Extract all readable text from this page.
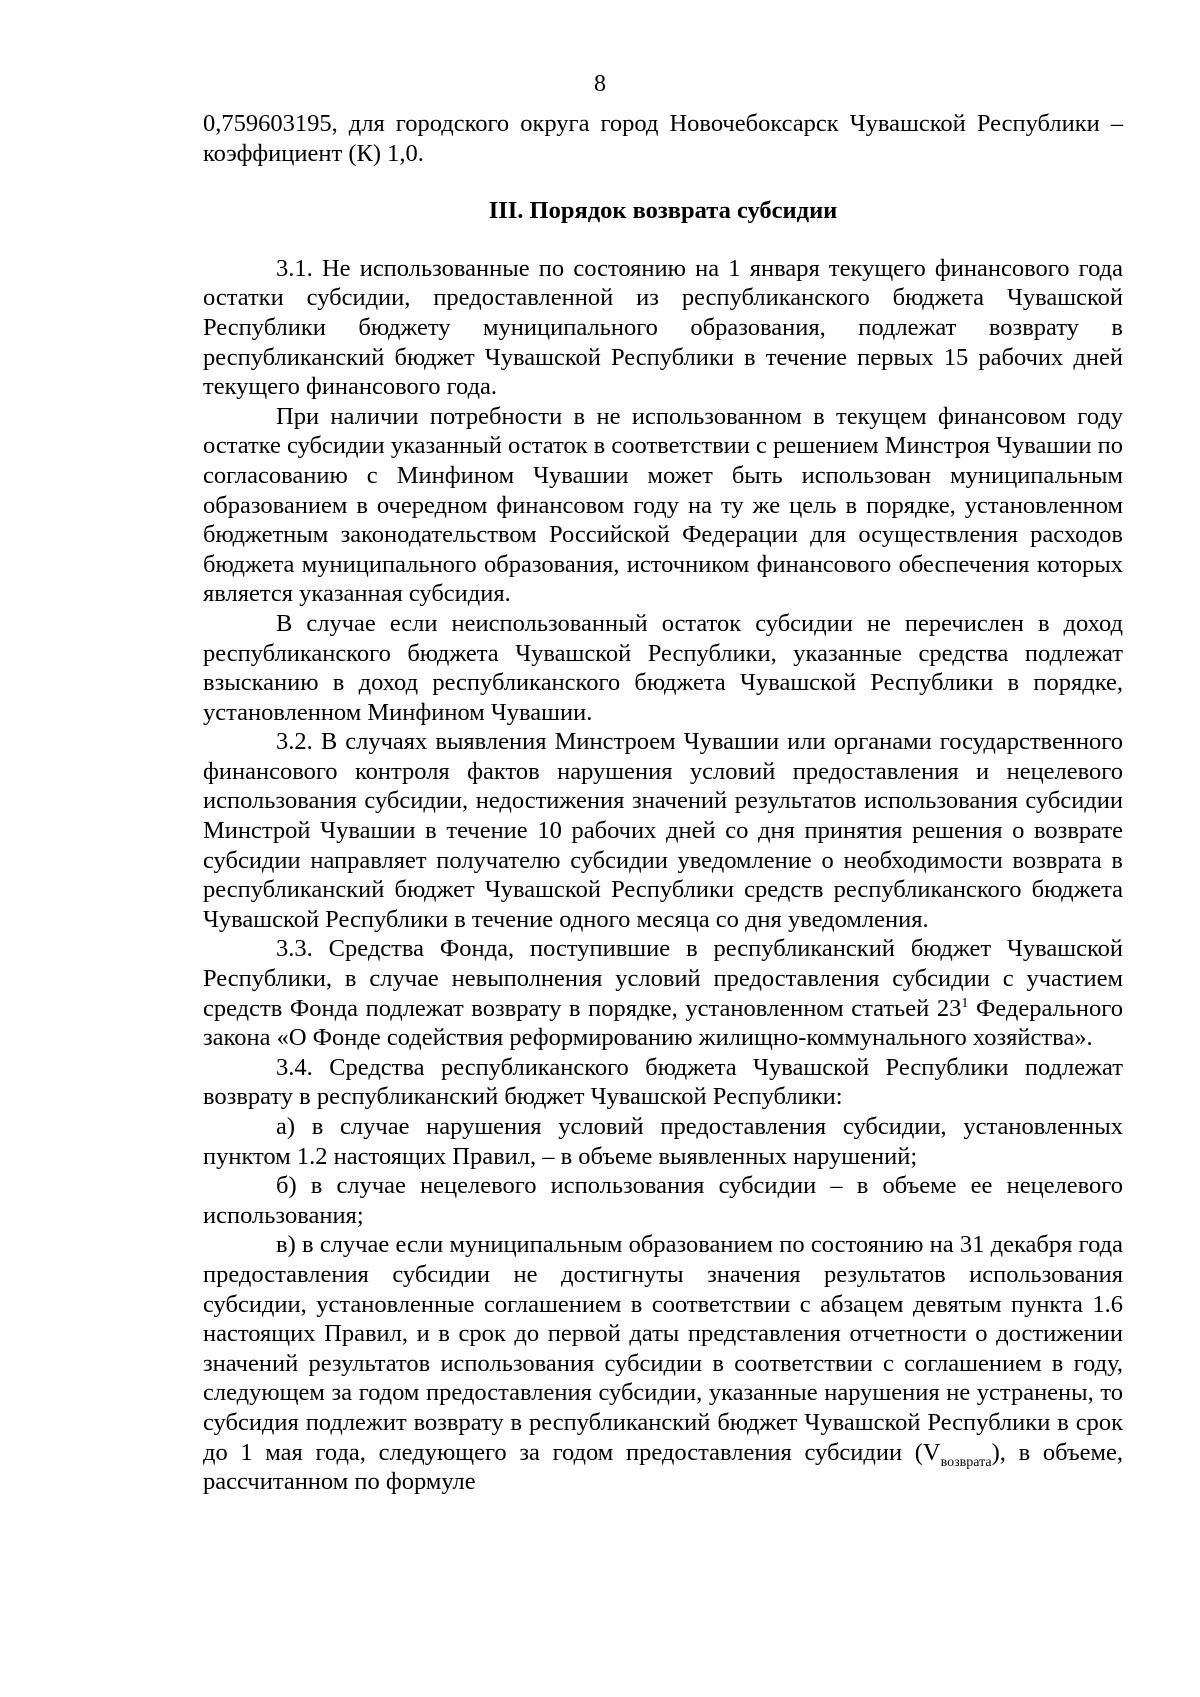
8

0,759603195, для городского округа город Новочебоксарск Чувашской Республики – коэффициент (К) 1,0.

III. Порядок возврата субсидии

3.1. Не использованные по состоянию на 1 января текущего финансового года остатки субсидии, предоставленной из республиканского бюджета Чувашской Республики бюджету муниципального образования, подлежат возврату в республиканский бюджет Чувашской Республики в течение первых 15 рабочих дней текущего финансового года.

При наличии потребности в не использованном в текущем финансовом году остатке субсидии указанный остаток в соответствии с решением Минстроя Чувашии по согласованию с Минфином Чувашии может быть использован муниципальным образованием в очередном финансовом году на ту же цель в порядке, установленном бюджетным законодательством Российской Федерации для осуществления расходов бюджета муниципального образования, источником финансового обеспечения которых является указанная субсидия.

В случае если неиспользованный остаток субсидии не перечислен в доход республиканского бюджета Чувашской Республики, указанные средства подлежат взысканию в доход республиканского бюджета Чувашской Республики в порядке, установленном Минфином Чувашии.

3.2. В случаях выявления Минстроем Чувашии или органами государственного финансового контроля фактов нарушения условий предоставления и нецелевого использования субсидии, недостижения значений результатов использования субсидии Минстрой Чувашии в течение 10 рабочих дней со дня принятия решения о возврате субсидии направляет получателю субсидии уведомление о необходимости возврата в республиканский бюджет Чувашской Республики средств республиканского бюджета Чувашской Республики в течение одного месяца со дня уведомления.

3.3. Средства Фонда, поступившие в республиканский бюджет Чувашской Республики, в случае невыполнения условий предоставления субсидии с участием средств Фонда подлежат возврату в порядке, установленном статьей $23^1$ Федерального закона «О Фонде содействия реформированию жилищно-коммунального хозяйства».

3.4. Средства республиканского бюджета Чувашской Республики подлежат возврату в республиканский бюджет Чувашской Республики:

а) в случае нарушения условий предоставления субсидии, установленных пунктом 1.2 настоящих Правил, – в объеме выявленных нарушений;

б) в случае нецелевого использования субсидии – в объеме ее нецелевого использования;

в) в случае если муниципальным образованием по состоянию на 31 декабря года предоставления субсидии не достигнуты значения результатов использования субсидии, установленные соглашением в соответствии с абзацем девятым пункта 1.6 настоящих Правил, и в срок до первой даты представления отчетности о достижении значений результатов использования субсидии в соответствии с соглашением в году, следующем за годом предоставления субсидии, указанные нарушения не устранены, то субсидия подлежит возврату в республиканский бюджет Чувашской Республики в срок до 1 мая года, следующего за годом предоставления субсидии $(V_{возврата})$, в объеме, рассчитанном по формуле
